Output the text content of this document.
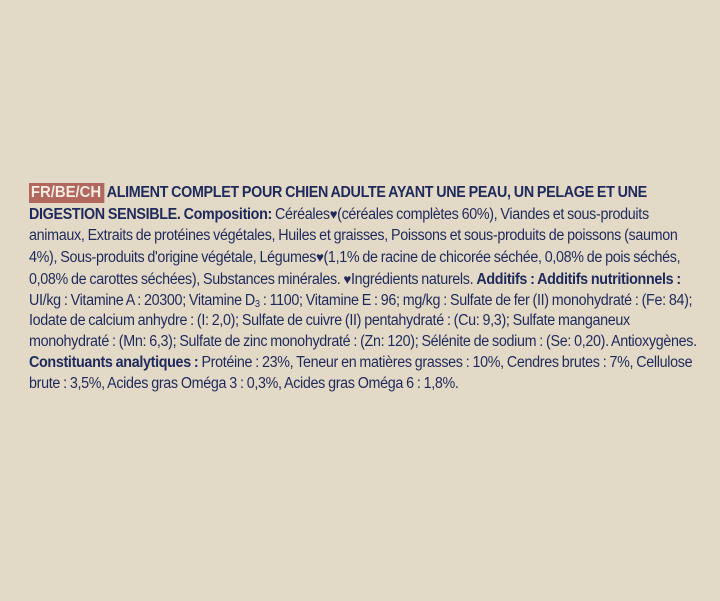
FR/BE/CH ALIMENT COMPLET POUR CHIEN ADULTE AYANT UNE PEAU, UN PELAGE ET UNE DIGESTION SENSIBLE. Composition: Céréales♥(céréales complètes 60%), Viandes et sous-produits animaux, Extraits de protéines végétales, Huiles et graisses, Poissons et sous-produits de poissons (saumon 4%), Sous-produits d'origine végétale, Légumes♥(1,1% de racine de chicorée séchée, 0,08% de pois séchés, 0,08% de carottes séchées), Substances minérales. ♥Ingrédients naturels. Additifs : Additifs nutritionnels : UI/kg : Vitamine A : 20300; Vitamine $D_3$ : 1100; Vitamine E : 96; mg/kg : Sulfate de fer (II) monohydraté : (Fe: 84); Iodate de calcium anhydre : (I: 2,0); Sulfate de cuivre (II) pentahydraté : (Cu: 9,3); Sulfate manganeux monohydraté : (Mn: 6,3); Sulfate de zinc monohydraté : (Zn: 120); Sélénite de sodium : (Se: 0,20). Antioxygènes. Constituants analytiques : Protéine : 23%, Teneur en matières grasses : 10%, Cendres brutes : 7%, Cellulose brute : 3,5%, Acides gras Oméga 3 : 0,3%, Acides gras Oméga 6 : 1,8%.
